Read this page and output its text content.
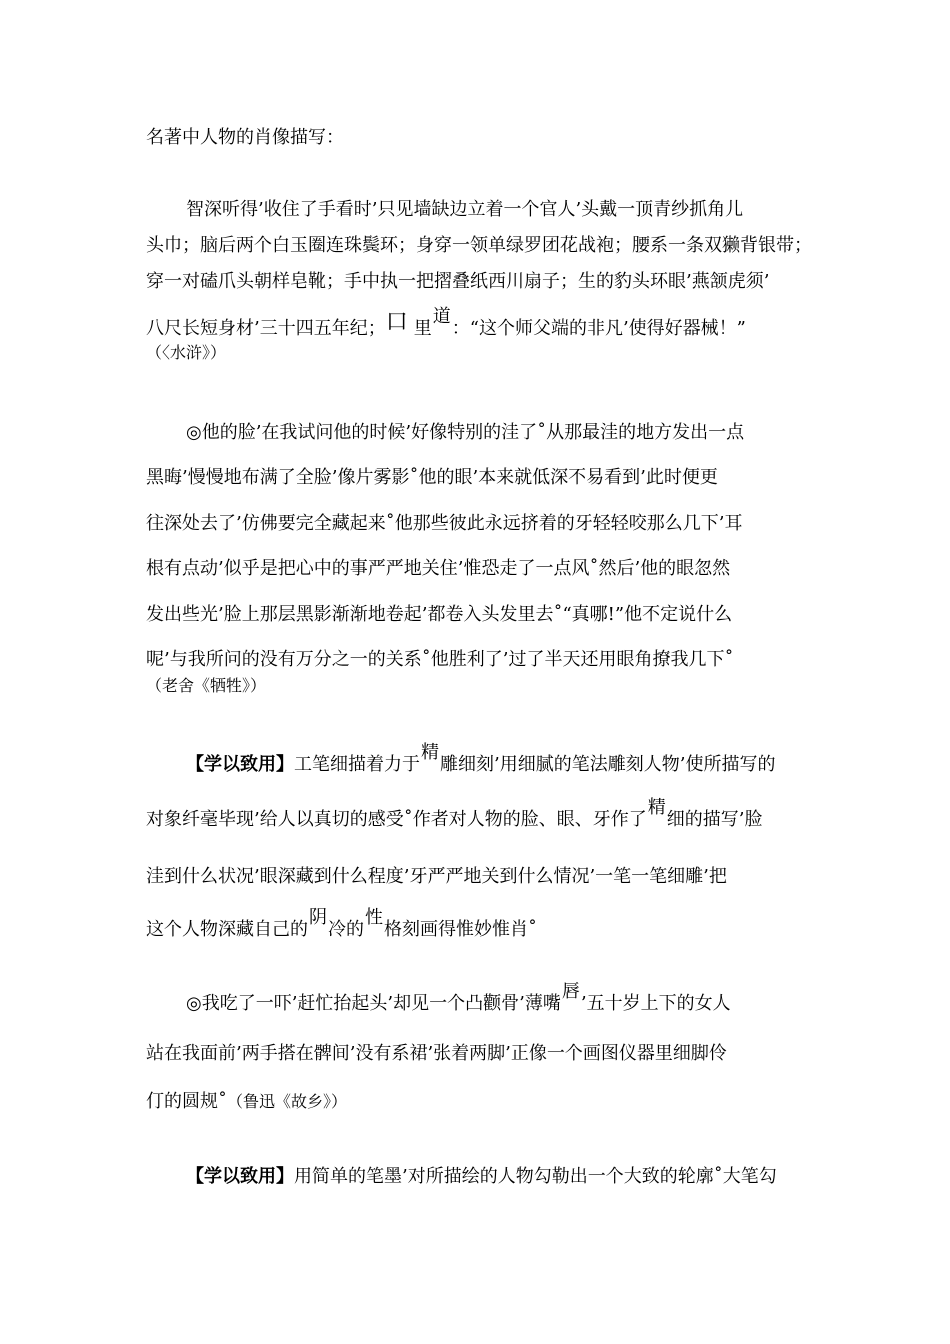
名著中人物的肖像描写：
智深听得’收住了手看时’只见墙缺边立着一个官人’头戴一顶青纱抓角儿
头巾；脑后两个白玉圈连珠鬓环；身穿一领单绿罗团花战袍；腰系一条双獭背银带；
穿一对磕爪头朝样皂靴；手中执一把摺叠纸西川扇子；生的豹头环眼’燕颔虎须’
八尺长短身材’三十四五年纪；口 里道：“这个师父端的非凡’使得好器械！”
（〈水浒》）
◎他的脸’在我试问他的时候’好像特别的洼了˚从那最洼的地方发出一点
黑晦’慢慢地布满了全脸’像片雾影˚他的眼’本来就低深不易看到’此时便更
往深处去了’仿佛要完全藏起来˚他那些彼此永远挤着的牙轻轻咬那么几下’耳
根有点动’似乎是把心中的事严严地关住’惟恐走了一点风˚然后’他的眼忽然
发出些光’脸上那层黑影渐渐地卷起’都卷入头发里去˚“真哪!”他不定说什么
呢’与我所问的没有万分之一的关系˚他胜利了’过了半天还用眼角撩我几下˚
（老舍《牺牲》）
【学以致用】工笔细描着力于精雕细刻’用细腻的笔法雕刻人物’使所描写的
对象纤毫毕现’给人以真切的感受˚作者对人物的脸、眼、牙作了精细的描写’脸
洼到什么状况’眼深藏到什么程度’牙严严地关到什么情况’一笔一笔细雕’把
这个人物深藏自己的阴冷的性格刻画得惟妙惟肖˚
◎我吃了一吓’赶忙抬起头’却见一个凸颧骨’薄嘴唇’五十岁上下的女人
站在我面前’两手搭在髀间’没有系裙’张着两脚’正像一个画图仪器里细脚伶
仃的圆规˚（鲁迅《故乡》）
【学以致用】用简单的笔墨’对所描绘的人物勾勒出一个大致的轮廓˚大笔勾
